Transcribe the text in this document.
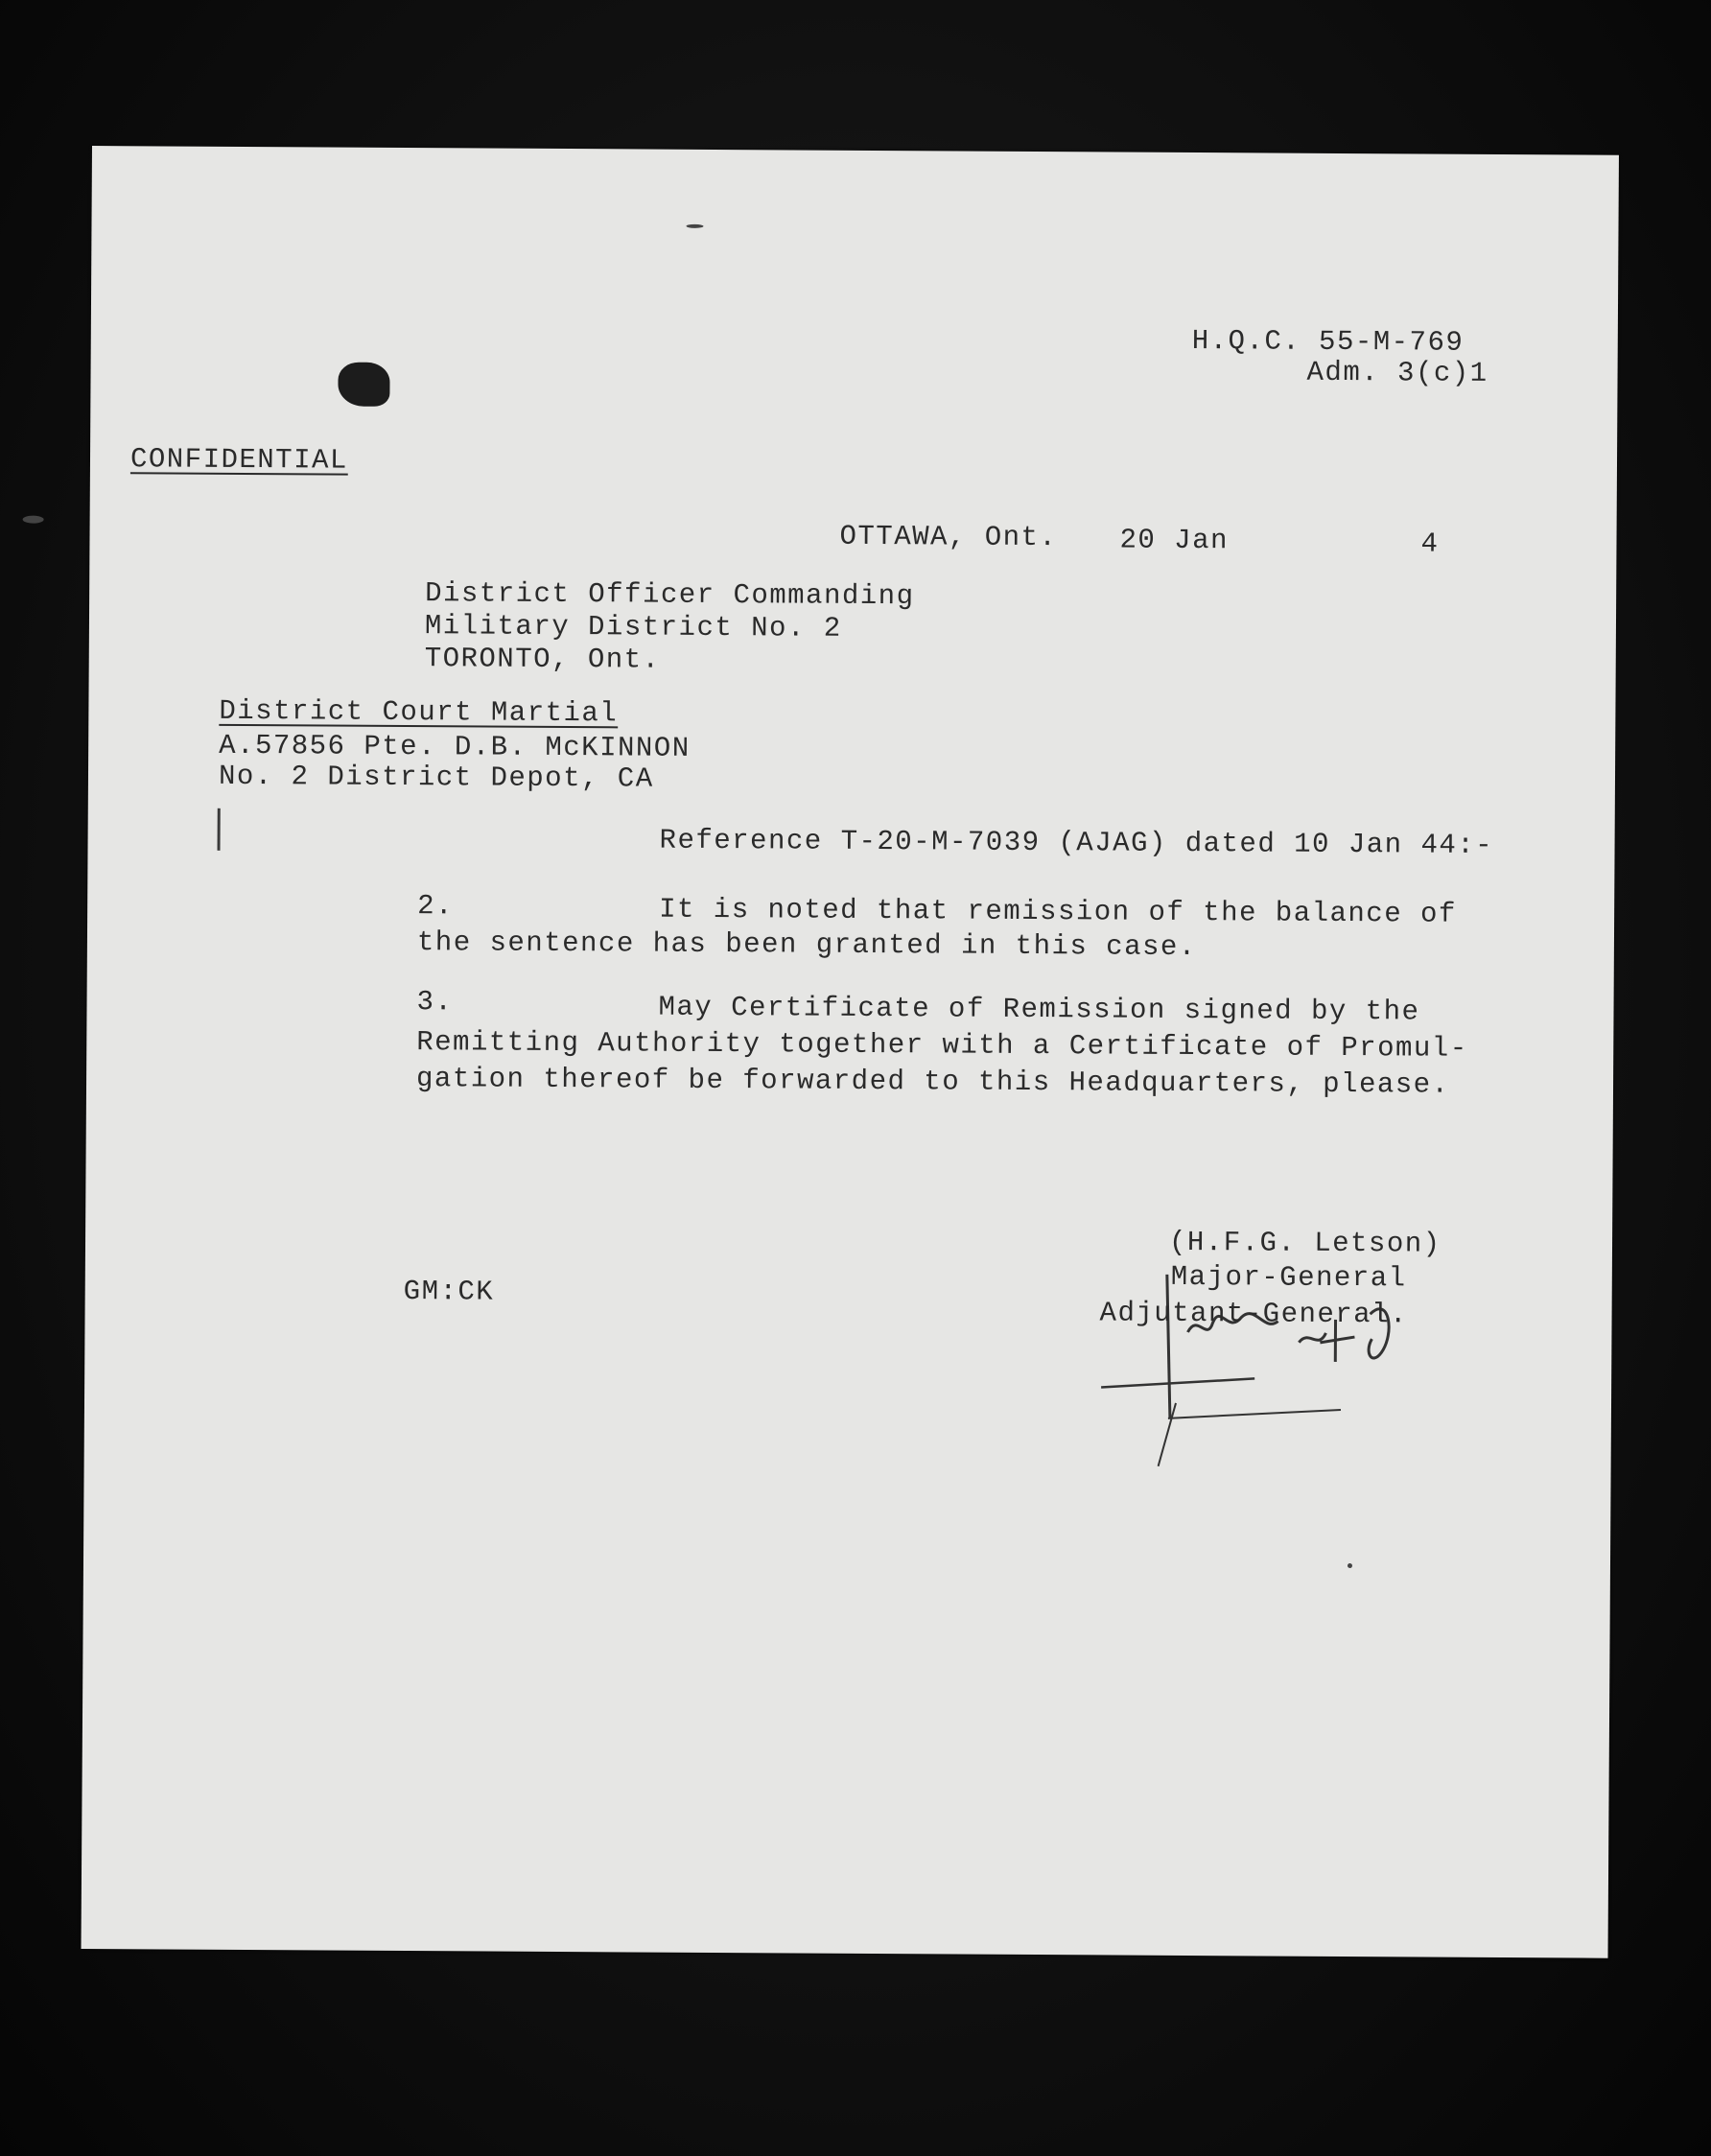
H.Q.C. 55-M-769
Adm. 3(c)1
CONFIDENTIAL
OTTAWA, Ont. 20 Jan	4
District Officer Commanding
Military District No. 2
TORONTO, Ont.
District Court Martial
A.57856 Pte. D.B. McKINNON
No. 2 District Depot, CA
Reference T-20-M-7039 (AJAG) dated 10 Jan 44:-
2.	It is noted that remission of the balance of
the sentence has been granted in this case.
3.	May Certificate of Remission signed by the
Remitting Authority together with a Certificate of Promul-
gation thereof be forwarded to this Headquarters, please.
GM:CK
(H.F.G. Letson)
Major-General
Adjutant-General.
